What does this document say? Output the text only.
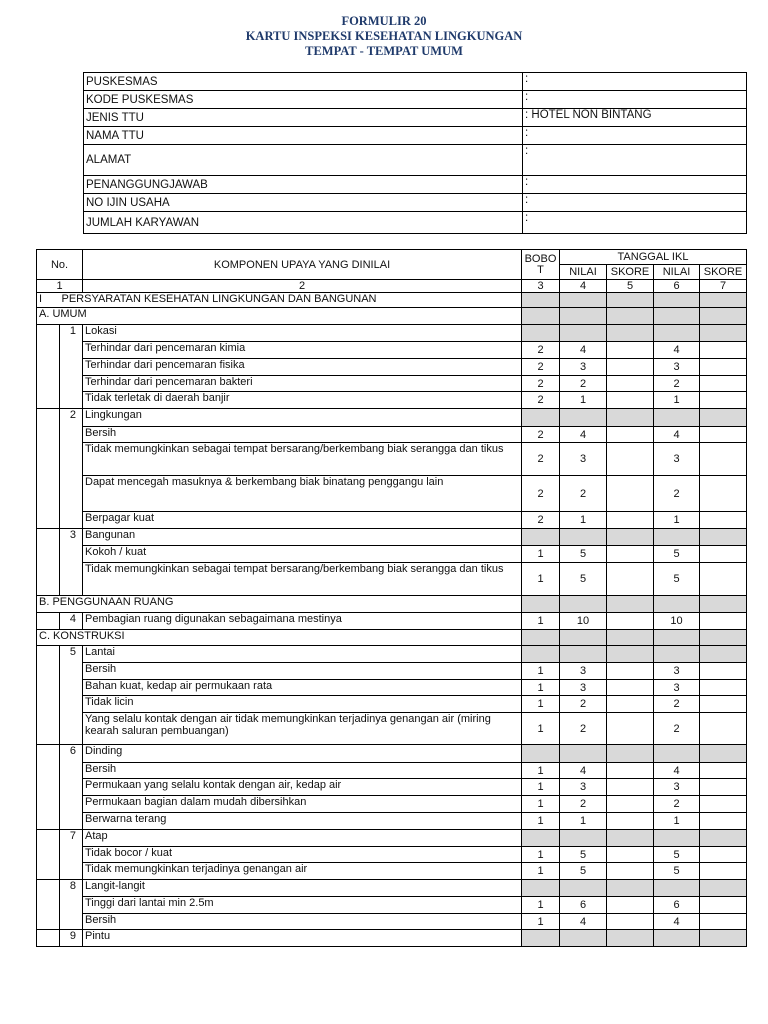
FORMULIR 20
KARTU INSPEKSI KESEHATAN LINGKUNGAN
TEMPAT - TEMPAT UMUM
PUSKESMAS	:
KODE PUSKESMAS	:
JENIS TTU	: HOTEL NON BINTANG
NAMA TTU	:
ALAMAT	:
PENANGGUNGJAWAB	:
NO IJIN USAHA	:
JUMLAH KARYAWAN	:
No.		KOMPONEN UPAYA YANG DINILAI	BOBO T	TANGGAL IKL			
				NILAI	SKORE	NILAI	SKORE
1		2	3	4	5	6	7
I	PERSYARATAN KESEHATAN LINGKUNGAN DAN BANGUNAN						
A. UMUM							
	1	Lokasi					
		Terhindar dari pencemaran kimia	2	4		4	
		Terhindar dari pencemaran fisika	2	3		3	
		Terhindar dari pencemaran bakteri	2	2		2	
		Tidak terletak di daerah banjir	2	1		1	
	2	Lingkungan					
		Bersih	2	4		4	
		Tidak memungkinkan sebagai tempat bersarang/berkembang biak serangga dan tikus	2	3		3	
		Dapat mencegah masuknya & berkembang biak binatang penggangu lain	2	2		2	
		Berpagar kuat	2	1		1	
	3	Bangunan					
		Kokoh / kuat	1	5		5	
		Tidak memungkinkan sebagai tempat bersarang/berkembang biak serangga dan tikus	1	5		5	
B. PENGGUNAAN RUANG							
	4	Pembagian ruang digunakan sebagaimana mestinya	1	10		10	
C. KONSTRUKSI							
	5	Lantai					
		Bersih	1	3		3	
		Bahan kuat, kedap air permukaan rata	1	3		3	
		Tidak licin	1	2		2	
		Yang selalu kontak dengan air tidak memungkinkan terjadinya genangan air (miring kearah saluran pembuangan)	1	2		2	
	6	Dinding					
		Bersih	1	4		4	
		Permukaan yang selalu kontak dengan air, kedap air	1	3		3	
		Permukaan bagian dalam mudah dibersihkan	1	2		2	
		Berwarna terang	1	1		1	
	7	Atap					
		Tidak bocor / kuat	1	5		5	
		Tidak memungkinkan terjadinya genangan air	1	5		5	
	8	Langit-langit					
		Tinggi dari lantai min 2.5m	1	6		6	
		Bersih	1	4		4	
	9	Pintu					
